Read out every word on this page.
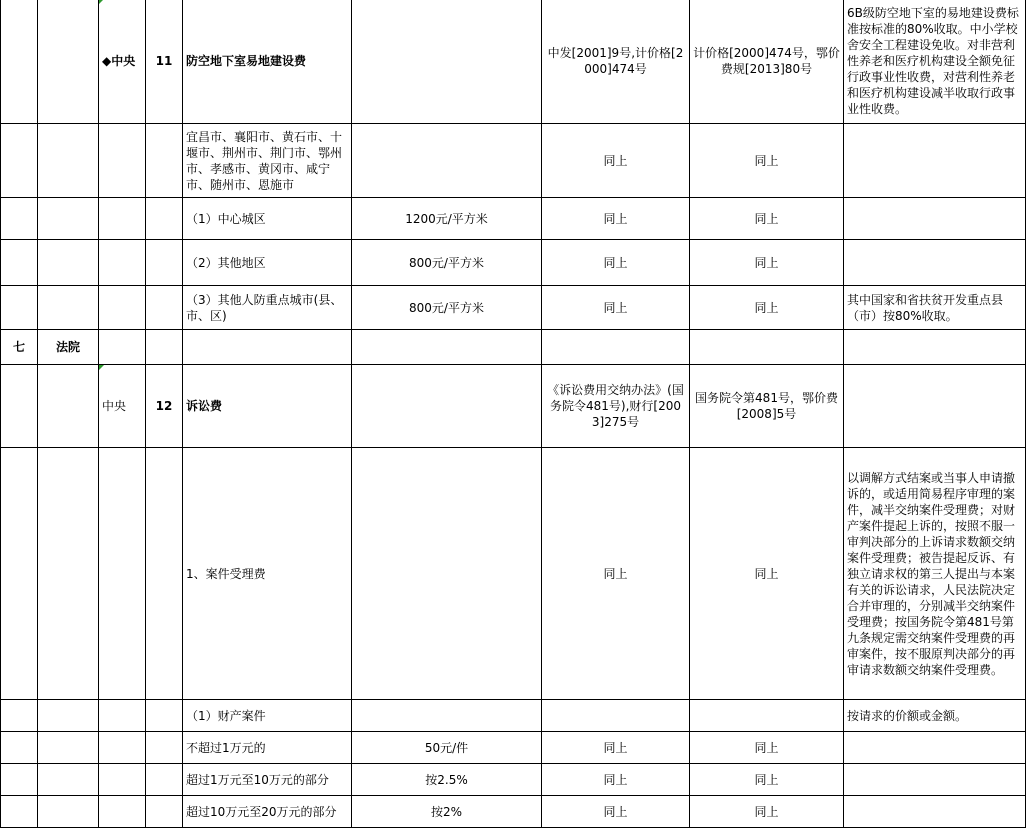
		◆中央	11	防空地下室易地建设费		中发[2001]9号,计价格[2000]474号	计价格[2000]474号，鄂价费规[2013]80号	6B级防空地下室的易地建设费标准按标准的80%收取。中小学校舍安全工程建设免收。对非营利性养老和医疗机构建设全额免征行政事业性收费，对营利性养老和医疗机构建设减半收取行政事业性收费。
				宜昌市、襄阳市、黄石市、十堰市、荆州市、荆门市、鄂州市、孝感市、黄冈市、咸宁市、随州市、恩施市		同上	同上	
				（1）中心城区	1200元/平方米	同上	同上	
				（2）其他地区	800元/平方米	同上	同上	
				（3）其他人防重点城市(县、市、区)	800元/平方米	同上	同上	其中国家和省扶贫开发重点县（市）按80%收取。
七	法院							
		中央	12	诉讼费		《诉讼费用交纳办法》(国务院令481号),财行[2003]275号	国务院令第481号，鄂价费[2008]5号	
				1、案件受理费		同上	同上	以调解方式结案或当事人申请撤诉的，或适用简易程序审理的案件，减半交纳案件受理费；对财产案件提起上诉的，按照不服一审判决部分的上诉请求数额交纳案件受理费；被告提起反诉、有独立请求权的第三人提出与本案有关的诉讼请求，人民法院决定合并审理的，分别减半交纳案件受理费；按国务院令第481号第九条规定需交纳案件受理费的再审案件，按不服原判决部分的再审请求数额交纳案件受理费。
				（1）财产案件				按请求的价额或金额。
				不超过1万元的	50元/件	同上	同上	
				超过1万元至10万元的部分	按2.5%	同上	同上	
				超过10万元至20万元的部分	按2%	同上	同上	
